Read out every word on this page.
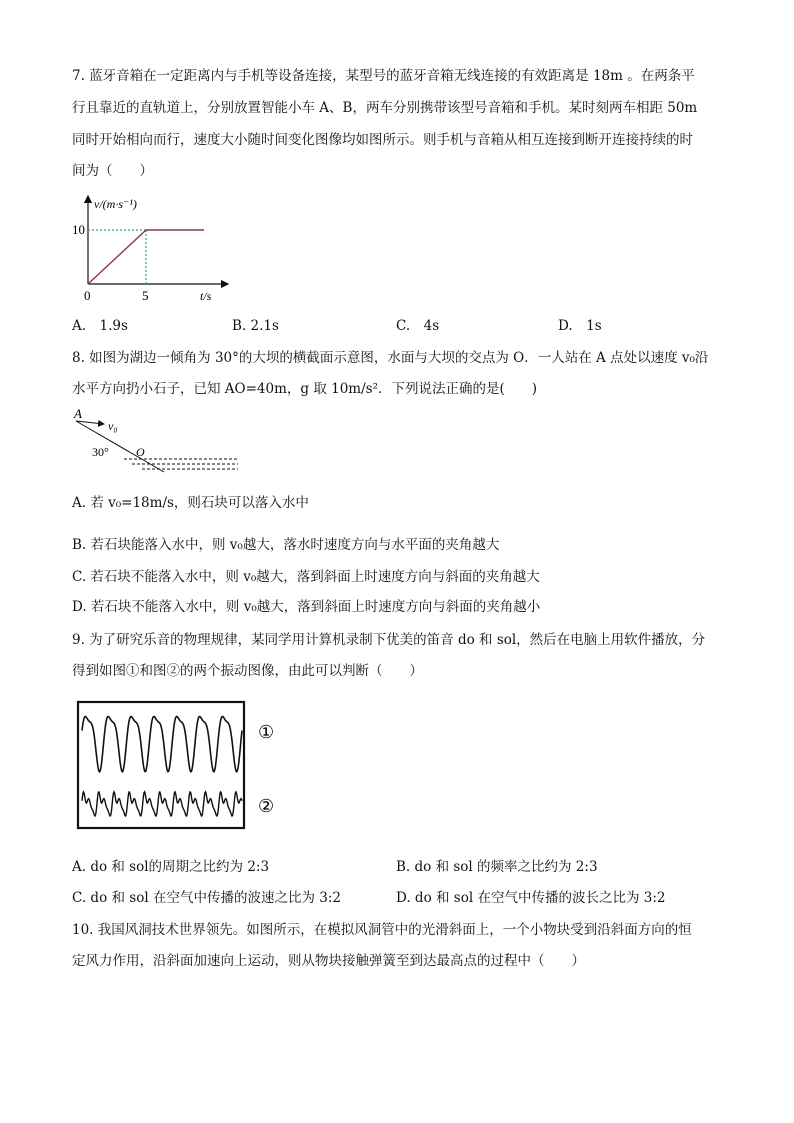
7. 蓝牙音箱在一定距离内与手机等设备连接，某型号的蓝牙音箱无线连接的有效距离是 18m 。在两条平
行且靠近的直轨道上，分别放置智能小车 A、B，两车分别携带该型号音箱和手机。某时刻两车相距 50m
同时开始相向而行，速度大小随时间变化图像均如图所示。则手机与音箱从相互连接到断开连接持续的时
间为（　　）
v/(m·s⁻¹)
10
0	5	t/s
A.　1.9s	B. 2.1s	C.　4s	D.　1s
8. 如图为湖边一倾角为 30°的大坝的横截面示意图，水面与大坝的交点为 O．一人站在 A 点处以速度 v₀沿
水平方向扔小石子，已知 AO=40m，g 取 10m/s²．下列说法正确的是(　　)
A
v₀
30° O
A. 若 v₀=18m/s，则石块可以落入水中
B. 若石块能落入水中，则 v₀越大，落水时速度方向与水平面的夹角越大
C. 若石块不能落入水中，则 v₀越大，落到斜面上时速度方向与斜面的夹角越大
D. 若石块不能落入水中，则 v₀越大，落到斜面上时速度方向与斜面的夹角越小
9. 为了研究乐音的物理规律，某同学用计算机录制下优美的笛音 do 和 sol，然后在电脑上用软件播放，分
得到如图①和图②的两个振动图像，由此可以判断（　　）
①
②
A. do 和 sol的周期之比约为 2:3	B. do 和 sol 的频率之比约为 2:3
C. do 和 sol 在空气中传播的波速之比为 3:2	D. do 和 sol 在空气中传播的波长之比为 3:2
10. 我国风洞技术世界领先。如图所示，在模拟风洞管中的光滑斜面上，一个小物块受到沿斜面方向的恒
定风力作用，沿斜面加速向上运动，则从物块接触弹簧至到达最高点的过程中（　　）
